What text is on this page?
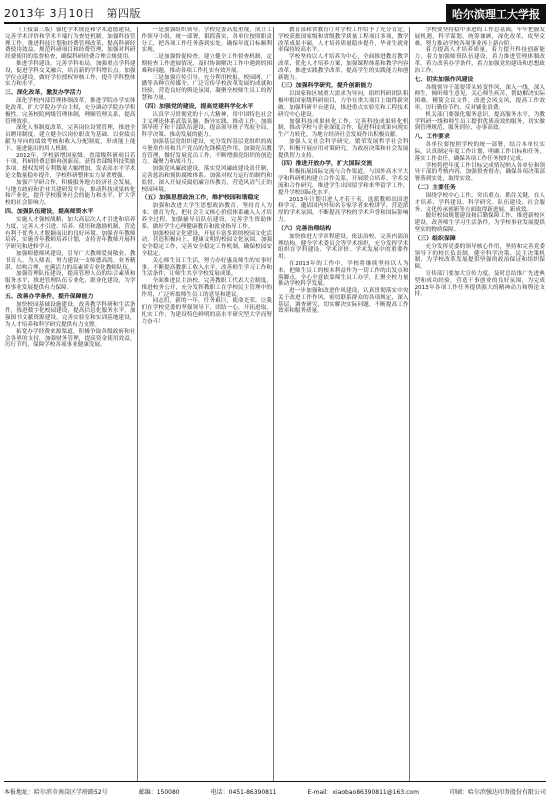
2013年 3月10日　第四版	哈尔滨理工大学报

（上接第三版）强化学术规范和学术道德建设，完善学术评价和学术不端行为查处机制。加强科技管理工作，推进科技计划和经费管理改革，提高科研经费使用效益。规范科研项目和经费管理，加强对科研经费使用的监督检查，确保科研经费合理合规使用。

推进学科建设，完善学科布局，加强重点学科建设，促进学科交叉融合，培育新的学科增长点。加强学位点建设，做好学位授权审核工作，提升学科整体实力和水平。

三、深化改革，激发办学活力

深化学校内部管理体制改革，推进学院办学实体化改革，扩大学院办学自主权，充分调动学院办学积极性。完善校院两级管理体制，理顺管理关系，提高管理效率。

深化人事制度改革，完善岗位设置管理，推进全员聘用制度，建立健全以岗位职责为基础、以业绩贡献为导向的绩效考核和收入分配制度，形成能上能下、能进能出的用人机制。

2012年，学校新增国家级、省部级科研项目若干项，科研经费总额再创新高。获得省部级科技奖励多项，授权发明专利数量大幅增加，发表高水平学术论文数量稳步提升，学校科研整体实力显著增强。

加强产学研合作，积极服务地方经济社会发展，与地方政府和企业共建研发平台，推动科技成果转化和产业化，提升学校服务社会的能力和水平，扩大学校的社会影响力。

四、加强队伍建设，提高师资水平

实施人才强校战略，加大高层次人才引进和培养力度，完善人才引进、培养、使用和激励机制，营造有利于优秀人才脱颖而出的良好环境。加强青年教师培养，实施青年教师培养计划，支持青年教师开展科学研究和进修学习。

加强师德师风建设，引导广大教师爱岗敬业、教书育人、为人师表，努力建设一支师德高尚、业务精湛、结构合理、充满活力的高素质专业化教师队伍。

加强管理队伍建设，提高管理人员的综合素质和服务水平，推进管理队伍专业化、职业化建设，为学校事业发展提供有力保障。

五、改善办学条件，提升保障能力

加快校园基础设施建设，改善教学科研和生活条件，推进数字化校园建设，提高信息化服务水平。加强图书文献资源建设，完善实验室和实训基地建设，为人才培养和科学研究提供有力支撑。

拓宽办学经费来源渠道，积极争取各级政府和社会各界的支持，加强财务管理，提高资金使用效益，厉行节约，保障学校各项事业健康发展。

一是加强组织领导。学校党委高度重视，成立工作领导小组，统一部署，狠抓落实，各单位按照职责分工，把各项工作任务落到实处，确保年度目标顺利实现。

二是加强督促检查。建立健全工作督查机制，定期检查工作进展情况，及时协调解决工作中遇到的困难和问题，推动各项工作扎实有效开展。

三是加强宣传引导。充分利用校报、校园网、广播等各种宣传媒介，广泛宣传学校改革发展的成就和经验，营造良好的舆论氛围，凝聚全校师生员工的智慧和力量。

（四）加强党的建设，提高党建科学化水平

认真学习贯彻党的十八大精神，用中国特色社会主义理论体系武装头脑、指导实践、推动工作。加强领导班子和干部队伍建设，提高领导班子驾驭全局、科学决策、推动发展的能力。

加强基层党组织建设，充分发挥基层党组织的战斗堡垒作用和共产党员的先锋模范作用。加强党员教育管理，做好发展党员工作，不断增强党组织的创造力、凝聚力和战斗力。

加强党风廉政建设，落实党风廉政建设责任制，完善惩治和预防腐败体系，加强对权力运行的制约和监督，深入开展反腐倡廉宣传教育，营造风清气正的校园环境。

（五）加强思想政治工作，维护校园和谐稳定

加强和改进大学生思想政治教育，坚持育人为本、德育为先，把社会主义核心价值体系融入人才培养全过程。加强辅导员队伍建设，完善学生资助体系，做好学生心理健康教育和就业指导工作。

加强校园文化建设，开展丰富多彩的校园文化活动，营造积极向上、健康文明的校园文化氛围。加强安全稳定工作，完善安全稳定工作机制，确保校园安全稳定。

关心师生员工生活，努力办好惠及师生的实事好事，不断提高教职工收入水平，改善师生学习工作和生活条件，让师生共享学校发展成果。

全面推进民主治校，完善教职工代表大会制度，推进校务公开，充分发挥教职工在学校民主管理中的作用，广泛听取师生员工的意见和建议。

同志们，新的一年，任务艰巨，使命光荣。让我们在学校党委的坚强领导下，团结一心，开拓进取，扎实工作，为建设特色鲜明的高水平研究型大学而努力奋斗！

教育部和省教育厅对学校工作给予了充分肯定。学校获批国家级和省级教学质量工程项目多项，教学改革成果丰硕，人才培养质量稳步提升，毕业生就业率保持较高水平。

学校坚持以人才培养为中心，全面推进教育教学改革，优化人才培养方案，加强课程体系和教学内容改革，推进实践教学改革，提高学生的实践能力和创新能力。

（三）加强科学研究，提升创新能力

以国家和区域重大需求为导向，组织科研团队积极申报国家级科研项目，力争在重大项目上取得新突破。加强科研平台建设，推进重点实验室和工程技术研究中心建设。

加强科技成果转化工作，完善科技成果转化机制，推动学校与企业深度合作，促进科技成果向现实生产力转化，为地方经济社会发展作出积极贡献。

加强人文社会科学研究，繁荣发展哲学社会科学，积极开展应用对策研究，为政府决策和社会发展提供智力支持。

（四）推进开放办学，扩大国际交流

积极拓展国际交流与合作渠道，与国外高水平大学和科研机构建立合作关系，开展联合培养、学术交流和合作研究，推进学生出国留学和来华留学工作，提升学校国际化水平。

2013年计划引进人才若干名，选派教师出国进修学习，邀请国内外知名专家学者来校讲学，营造浓厚的学术氛围，不断提高学校的学术声誉和国际影响力。

（六）完善治理结构

加快推进大学章程建设，依法治校，完善内部治理结构，健全学术委员会等学术组织，充分发挥学术组织在学科建设、学术评价、学术发展中的重要作用。

在2013年的工作中，学校将继续坚持以人为本，把师生员工的根本利益作为一切工作的出发点和落脚点，全心全意依靠师生员工办学，汇聚全校力量推动学校科学发展。

进一步加强和改进作风建设，认真贯彻落实中央关于改进工作作风、密切联系群众的各项规定，深入基层，调查研究，切实解决实际问题，不断提高工作效率和服务质量。

学校要坚持稳中求进的工作总基调，牢牢把握发展机遇，科学谋划，统筹兼顾，深化改革，攻坚克难，努力推动学校各项事业再上新台阶。

着力提高人才培养质量，着力提升科技创新能力，着力加强师资队伍建设，着力推进管理体制改革，着力改善办学条件，着力加强党的建设和思想政治工作。

七、切实加强作风建设

各级领导干部要带头转变作风，深入一线，深入师生，倾听师生意见，关心师生疾苦，帮助解决实际困难。精简会议文件，改进会风文风，提高工作效率，厉行勤俭节约，反对铺张浪费。

机关部门要强化服务意识，提高服务水平，为教学科研一线和师生员工提供优质高效的服务，切实做到管理规范、服务到位、办事高效。

八、工作要求

各单位要按照学校的统一部署，结合本单位实际，认真制定年度工作计划，明确工作目标和任务，落实工作责任，确保各项工作任务按时完成。

学校将把年度工作目标完成情况纳入各单位和领导干部的考核内容，加强督查督办，确保各项决策部署落到实处，取得实效。

（二）主要任务

围绕学校中心工作，突出重点，抓住关键，在人才培养、学科建设、科学研究、队伍建设、社会服务、文化传承创新等方面取得新进展、新成效。

做好校园规划建设和后勤保障工作，推进新校区建设，改善师生学习生活条件，为学校事业发展提供坚实的物质保障。

（三）组织保障

充分发挥党委的领导核心作用，坚持和完善党委领导下的校长负责制，健全科学决策、民主决策机制，为学校改革发展提供坚强的政治保证和组织保障。

宣传部门要加大宣传力度，及时总结推广先进典型和成功经验，营造干事创业的良好氛围，为完成2013年各项工作任务提供强大的精神动力和舆论支持。

本报地址：哈尔滨市南岗区学府路52号	邮编：150080	电话：0451-86390811	E-mail：xiaobao86390811@163.com	印刷：哈尔滨强达印务股份有限公司
